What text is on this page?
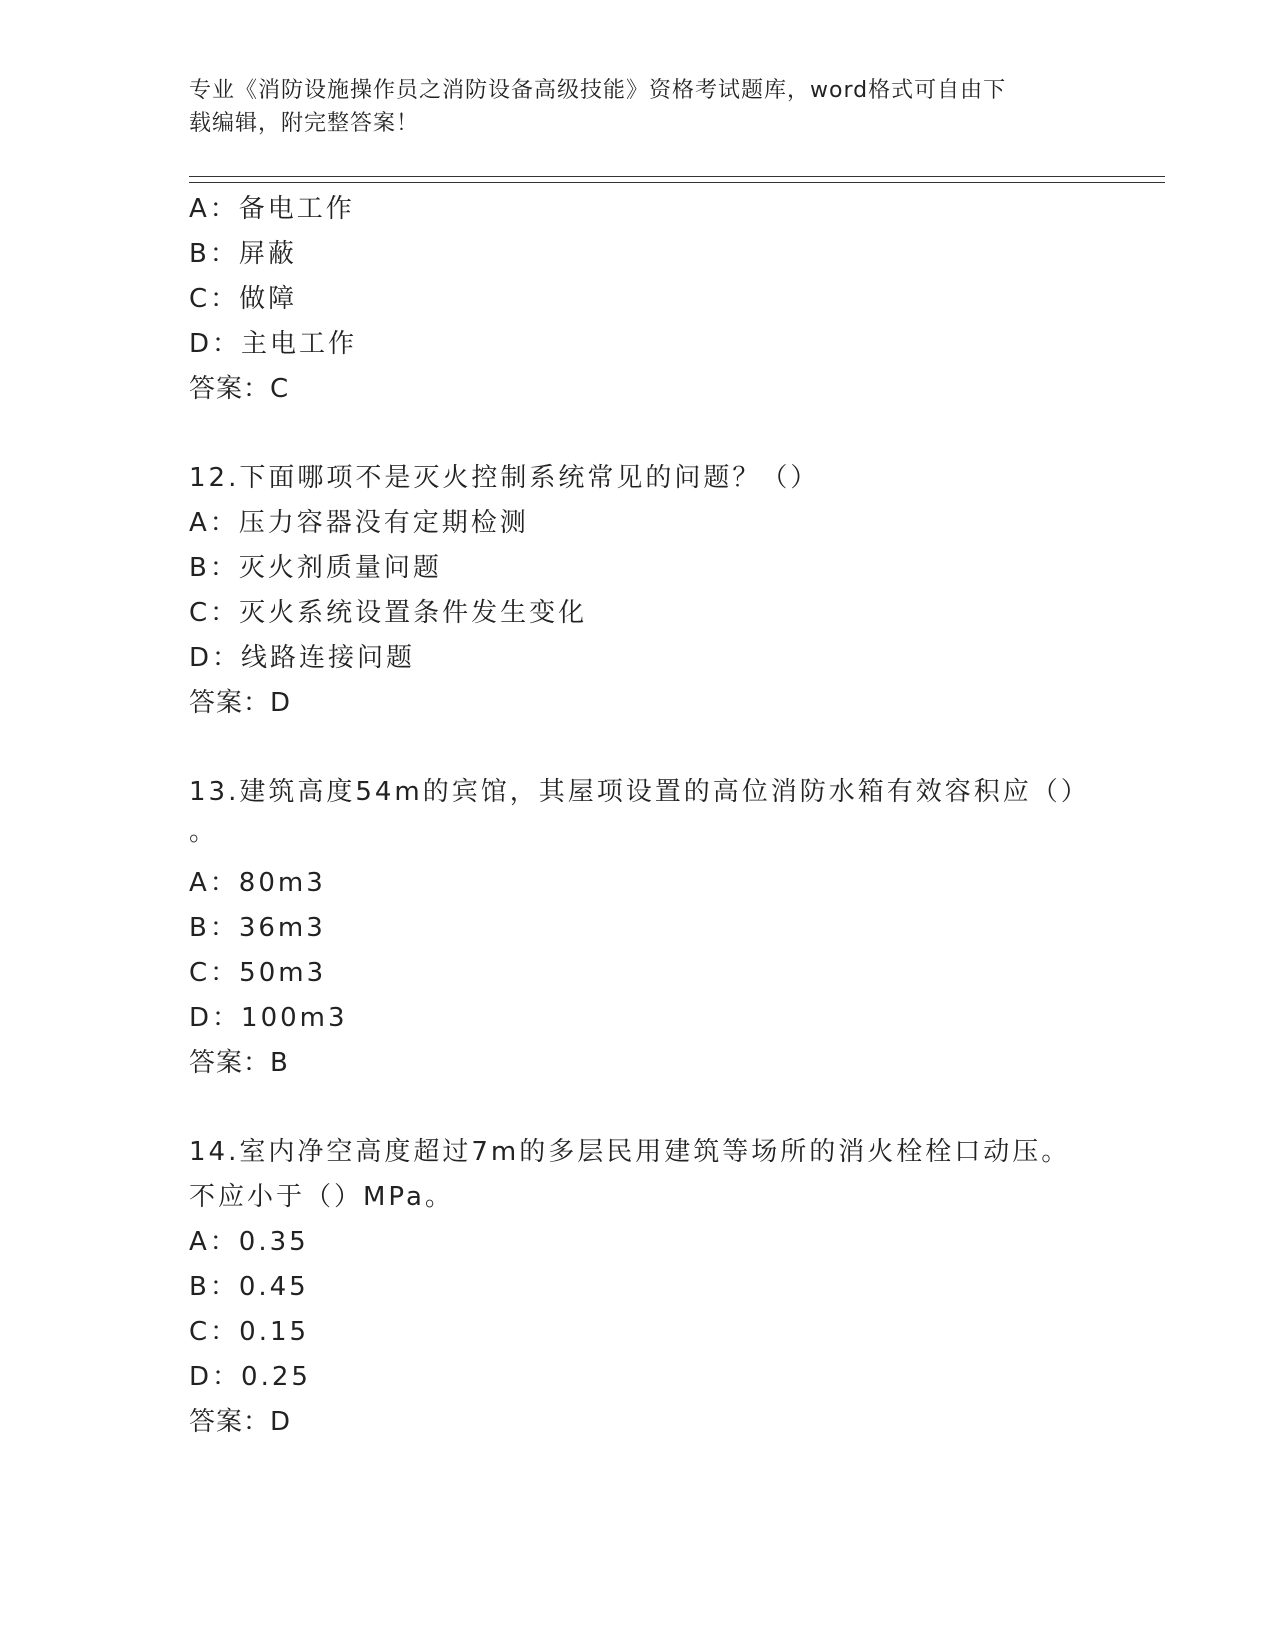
专业《消防设施操作员之消防设备高级技能》资格考试题库，word格式可自由下
载编辑，附完整答案！
A：备电工作
B：屏蔽
C：做障
D：主电工作
答案：C
12.下面哪项不是灭火控制系统常见的问题？（）
A：压力容器没有定期检测
B：灭火剂质量问题
C：灭火系统设置条件发生变化
D：线路连接问题
答案：D
13.建筑高度54m的宾馆，其屋项设置的高位消防水箱有效容积应（）
。
A：80m3
B：36m3
C：50m3
D：100m3
答案：B
14.室内净空高度超过7m的多层民用建筑等场所的消火栓栓口动压。
不应小于（）MPa。
A：0.35
B：0.45
C：0.15
D：0.25
答案：D
